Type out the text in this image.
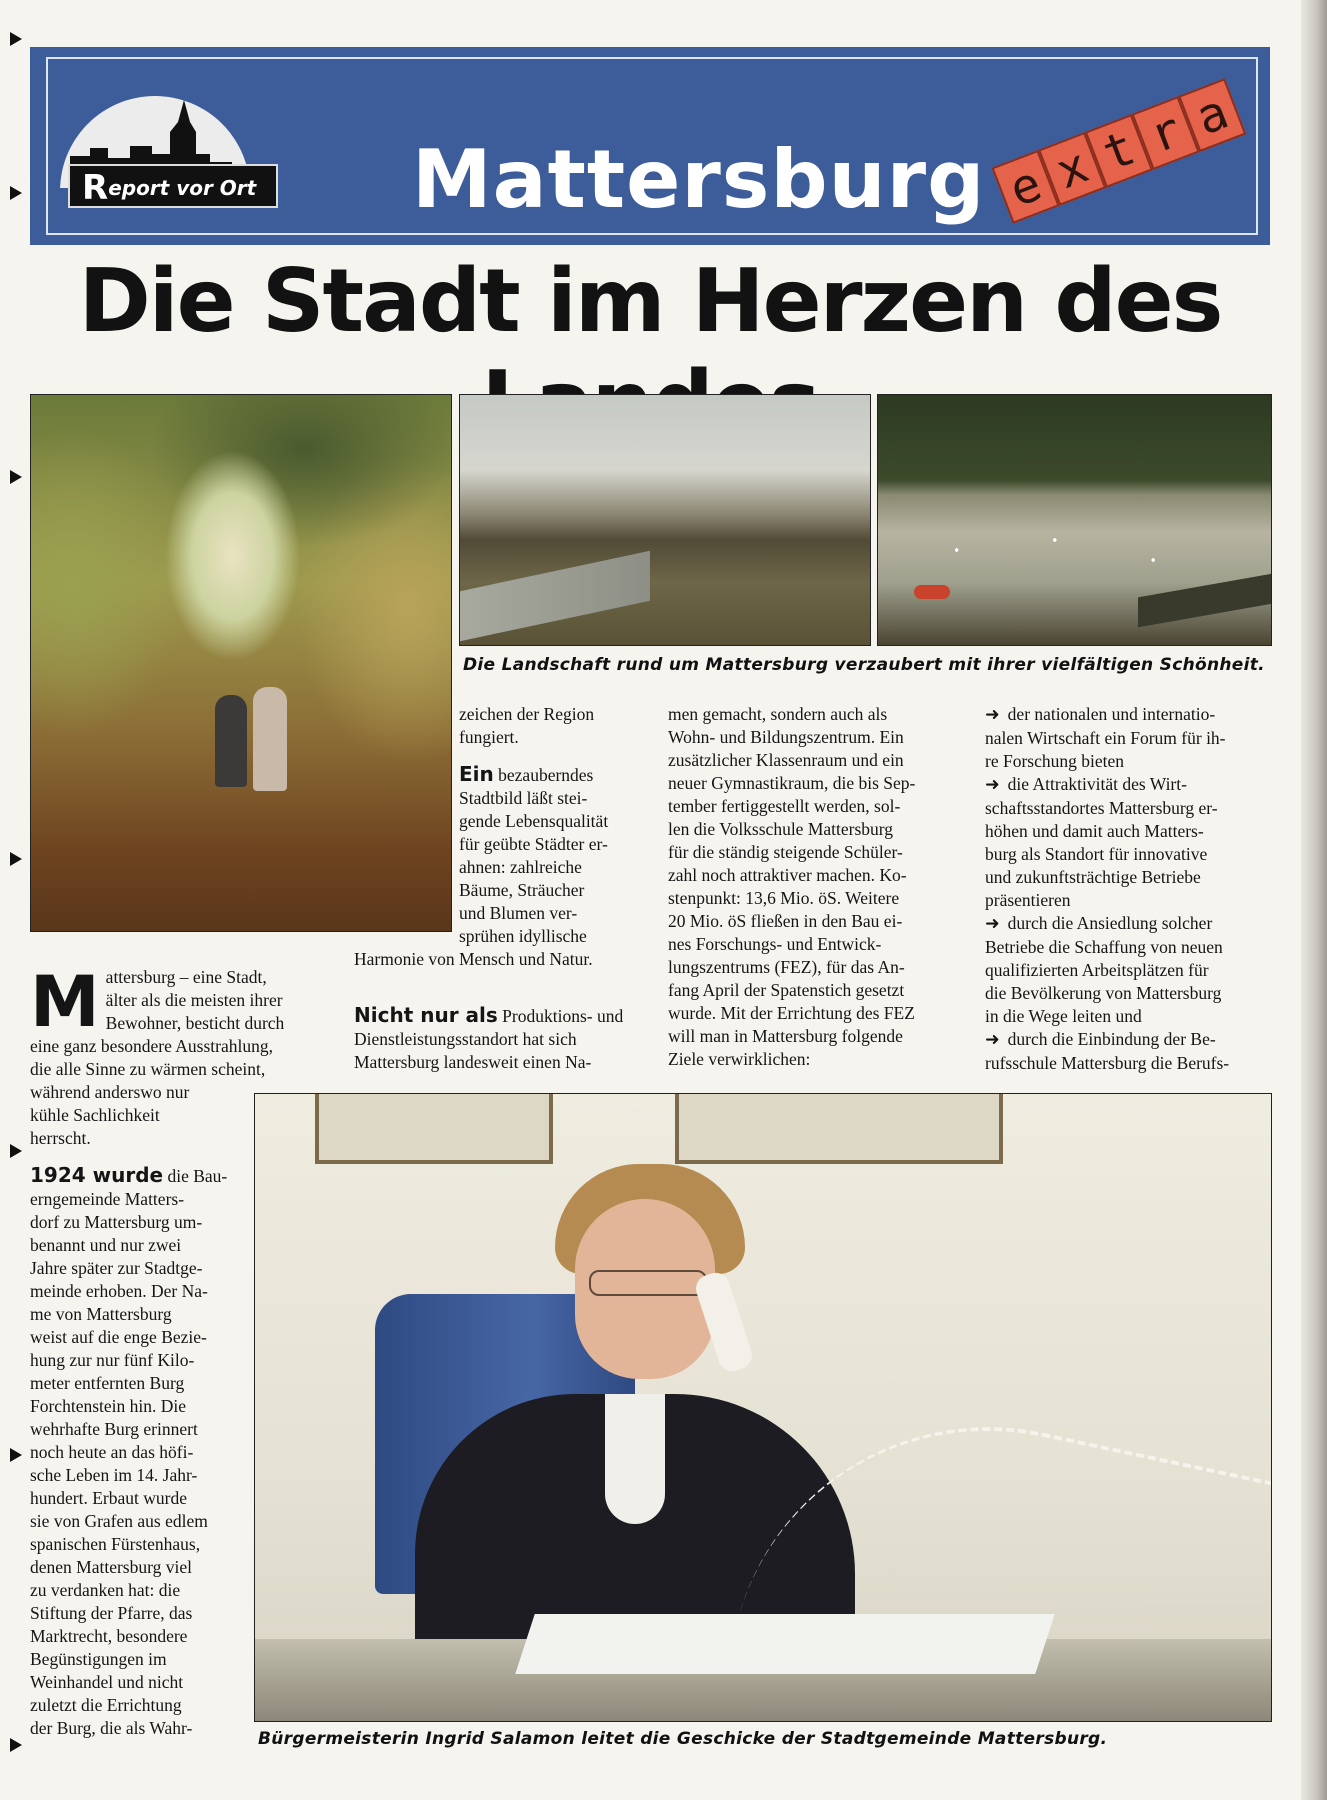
Mattersburg
Report vor Ort	e x t r a
Die Stadt im Herzen des
Die Landschaft rund um Mattersburg verzaubert mit ihrer vielfältigen Schönheit.
M attersburg – eine Stadt,

älter als die meisten ihrer

Bewohner, besticht durch

eine ganz besondere Ausstrahlung,

die alle Sinne zu wärmen scheint,

während anderswo nur

kühle Sachlichkeit

herrscht.

1924 wurde die Bau-

erngemeinde Matters-

dorf zu Mattersburg um-

benannt und nur zwei

Jahre später zur Stadtge-

meinde erhoben. Der Na-

me von Mattersburg

weist auf die enge Bezie-

hung zur nur fünf Kilo-

meter entfernten Burg

Forchtenstein hin. Die

wehrhafte Burg erinnert

noch heute an das höfi-

sche Leben im 14. Jahr-

hundert. Erbaut wurde

sie von Grafen aus edlem

spanischen Fürstenhaus,

denen Mattersburg viel

zu verdanken hat: die

Stiftung der Pfarre, das

Marktrecht, besondere

Begünstigungen im

Weinhandel und nicht

zuletzt die Errichtung

der Burg, die als Wahr-

zeichen der Region

fungiert.

Ein bezauberndes

Stadtbild läßt stei-

gende Lebensqualität

für geübte Städter er-

ahnen: zahlreiche

Bäume, Sträucher

und Blumen ver-

sprühen idyllische

Harmonie von Mensch und Natur.

Nicht nur als Produktions- und

Dienstleistungsstandort hat sich

Mattersburg landesweit einen Na-

men gemacht, sondern auch als

Wohn- und Bildungszentrum. Ein

zusätzlicher Klassenraum und ein

neuer Gymnastikraum, die bis Sep-

tember fertiggestellt werden, sol-

len die Volksschule Mattersburg

für die ständig steigende Schüler-

zahl noch attraktiver machen. Ko-

stenpunkt: 13,6 Mio. öS. Weitere

20 Mio. öS fließen in den Bau ei-

nes Forschungs- und Entwick-

lungszentrums (FEZ), für das An-

fang April der Spatenstich gesetzt

wurde. Mit der Errichtung des FEZ

will man in Mattersburg folgende

Ziele verwirklichen:

➜ der nationalen und internatio-

nalen Wirtschaft ein Forum für ih-

re Forschung bieten

➜ die Attraktivität des Wirt-

schaftsstandortes Mattersburg er-

höhen und damit auch Matters-

burg als Standort für innovative

und zukunftsträchtige Betriebe

präsentieren

➜ durch die Ansiedlung solcher

Betriebe die Schaffung von neuen

qualifizierten Arbeitsplätzen für

die Bevölkerung von Mattersburg

in die Wege leiten und

➜ durch die Einbindung der Be-

rufsschule Mattersburg die Berufs-

Bürgermeisterin Ingrid Salamon leitet die Geschicke der Stadtgemeinde Mattersburg.
